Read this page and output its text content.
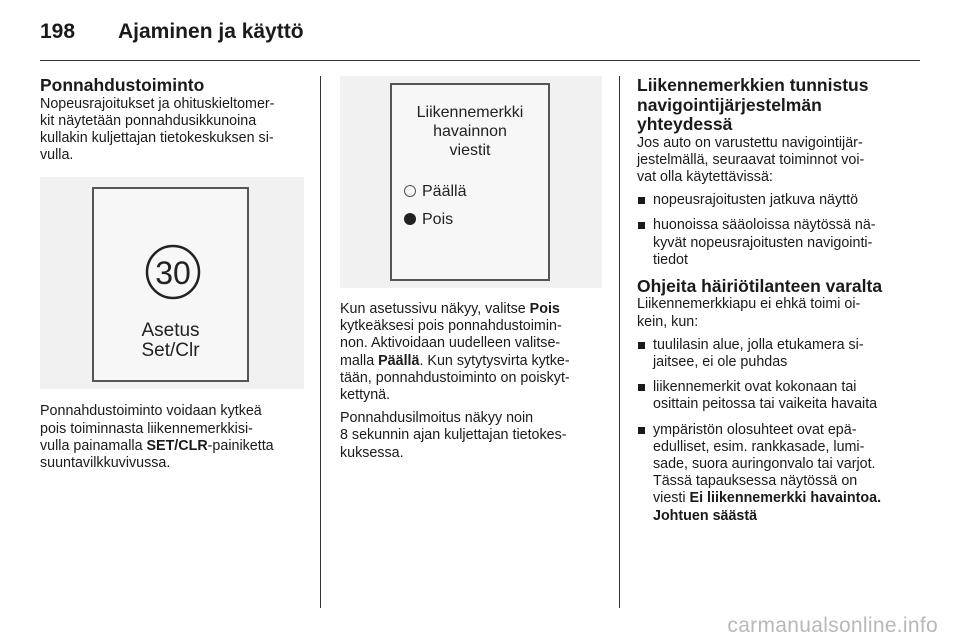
198 Ajaminen ja käyttö
Ponnahdustoiminto

Nopeusrajoitukset ja ohituskieltomer-
kit näytetään ponnahdusikkunoina
kullakin kuljettajan tietokeskuksen si-
vulla.

30
Asetus
Set/Clr

Ponnahdustoiminto voidaan kytkeä
pois toiminnasta liikennemerkkisi-
vulla painamalla SET/CLR-painiketta
suuntavilkkuvivussa.

Liikennemerkki
havainnon
viestit
Päällä
Pois

Kun asetussivu näkyy, valitse Pois
kytkeäksesi pois ponnahdustoimin-
non. Aktivoidaan uudelleen valitse-
malla Päällä. Kun sytytysvirta kytke-
tään, ponnahdustoiminto on poiskyt-
kettynä.

Ponnahdusilmoitus näkyy noin
8 sekunnin ajan kuljettajan tietokes-
kuksessa.

Liikennemerkkien tunnistus
navigointijärjestelmän
yhteydessä

Jos auto on varustettu navigointijär-
jestelmällä, seuraavat toiminnot voi-
vat olla käytettävissä:

nopeusrajoitusten jatkuva näyttö
huonoissa sääoloissa näytössä nä-
kyvät nopeusrajoitusten navigointi-
tiedot
Ohjeita häiriötilanteen varalta

Liikennemerkkiapu ei ehkä toimi oi-
kein, kun:

tuulilasin alue, jolla etukamera si-
jaitsee, ei ole puhdas
liikennemerkit ovat kokonaan tai
osittain peitossa tai vaikeita havaita
ympäristön olosuhteet ovat epä-
edulliset, esim. rankkasade, lumi-
sade, suora auringonvalo tai varjot.
Tässä tapauksessa näytössä on
viesti Ei liikennemerkki havaintoa.
Johtuen säästä
carmanualsonline.info
